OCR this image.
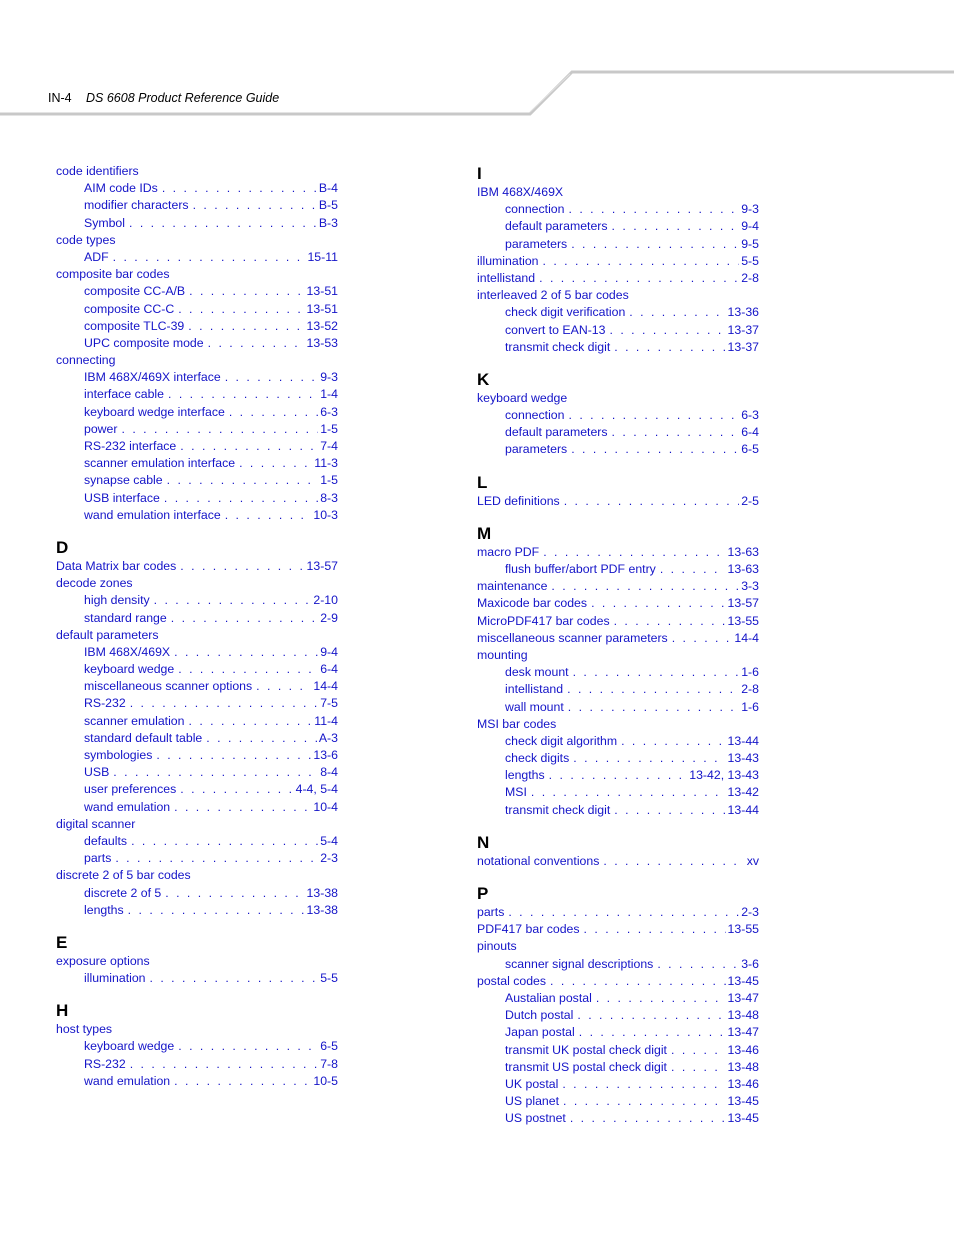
IN-4 DS 6608 Product Reference Guide
code identifiers
AIM code IDs . . .	B-4
modifier characters . . .	B-5
Symbol . . .	B-3
code types
ADF . . .	15-11
composite bar codes
composite CC-A/B . . .	13-51
composite CC-C . . .	13-51
composite TLC-39 . . .	13-52
UPC composite mode . . .	13-53
connecting
IBM 468X/469X interface . . .	9-3
interface cable . . .	1-4
keyboard wedge interface . . .	6-3
power . . .	1-5
RS-232 interface . . .	7-4
scanner emulation interface . . .	11-3
synapse cable . . .	1-5
USB interface . . .	8-3
wand emulation interface . . .	10-3
D
Data Matrix bar codes . . .	13-57
decode zones
high density . . .	2-10
standard range . . .	2-9
default parameters
IBM 468X/469X . . .	9-4
keyboard wedge . . .	6-4
miscellaneous scanner options . . .	14-4
RS-232 . . .	7-5
scanner emulation . . .	11-4
standard default table . . .	A-3
symbologies . . .	13-6
USB . . .	8-4
user preferences . . .	4-4, 5-4
wand emulation . . .	10-4
digital scanner
defaults . . .	5-4
parts . . .	2-3
discrete 2 of 5 bar codes
discrete 2 of 5 . . .	13-38
lengths . . .	13-38
E
exposure options
illumination . . .	5-5
H
host types
keyboard wedge . . .	6-5
RS-232 . . .	7-8
wand emulation . . .	10-5
I
IBM 468X/469X
connection . . .	9-3
default parameters . . .	9-4
parameters . . .	9-5
illumination . . .	5-5
intellistand . . .	2-8
interleaved 2 of 5 bar codes
check digit verification . . .	13-36
convert to EAN-13 . . .	13-37
transmit check digit . . .	13-37
K
keyboard wedge
connection . . .	6-3
default parameters . . .	6-4
parameters . . .	6-5
L
LED definitions . . .	2-5
M
macro PDF . . .	13-63
flush buffer/abort PDF entry . . .	13-63
maintenance . . .	3-3
Maxicode bar codes . . .	13-57
MicroPDF417 bar codes . . .	13-55
miscellaneous scanner parameters . . .	14-4
mounting
desk mount . . .	1-6
intellistand . . .	2-8
wall mount . . .	1-6
MSI bar codes
check digit algorithm . . .	13-44
check digits . . .	13-43
lengths . . .	13-42, 13-43
MSI . . .	13-42
transmit check digit . . .	13-44
N
notational conventions . . .	xv
P
parts . . .	2-3
PDF417 bar codes . . .	13-55
pinouts
scanner signal descriptions . . .	3-6
postal codes . . .	13-45
Austalian postal . . .	13-47
Dutch postal . . .	13-48
Japan postal . . .	13-47
transmit UK postal check digit . . .	13-46
transmit US postal check digit . . .	13-48
UK postal . . .	13-46
US planet . . .	13-45
US postnet . . .	13-45
